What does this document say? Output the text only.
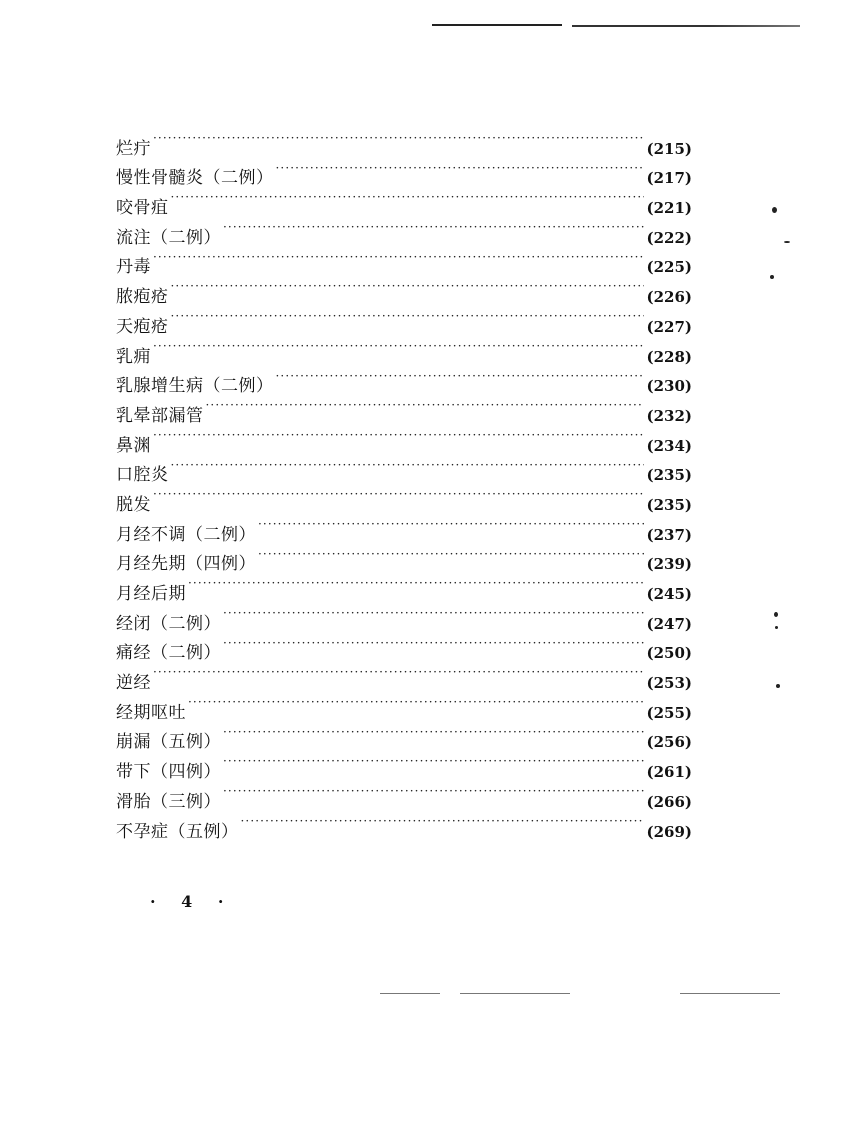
烂疔 ·····	(215)
慢性骨髓炎（二例） ·····	(217)
咬骨疽 ·····	(221)
流注（二例） ·····	(222)
丹毒 ·····	(225)
脓疱疮 ·····	(226)
天疱疮 ·····	(227)
乳痈 ·····	(228)
乳腺增生病（二例） ·····	(230)
乳晕部漏管 ·····	(232)
鼻渊 ·····	(234)
口腔炎 ·····	(235)
脱发 ·····	(235)
月经不调（二例） ·····	(237)
月经先期（四例） ·····	(239)
月经后期 ·····	(245)
经闭（二例） ·····	(247)
痛经（二例） ·····	(250)
逆经 ·····	(253)
经期呕吐 ·····	(255)
崩漏（五例） ·····	(256)
带下（四例） ·····	(261)
滑胎（三例） ·····	(266)
不孕症（五例） ·····	(269)
· 4 ·
